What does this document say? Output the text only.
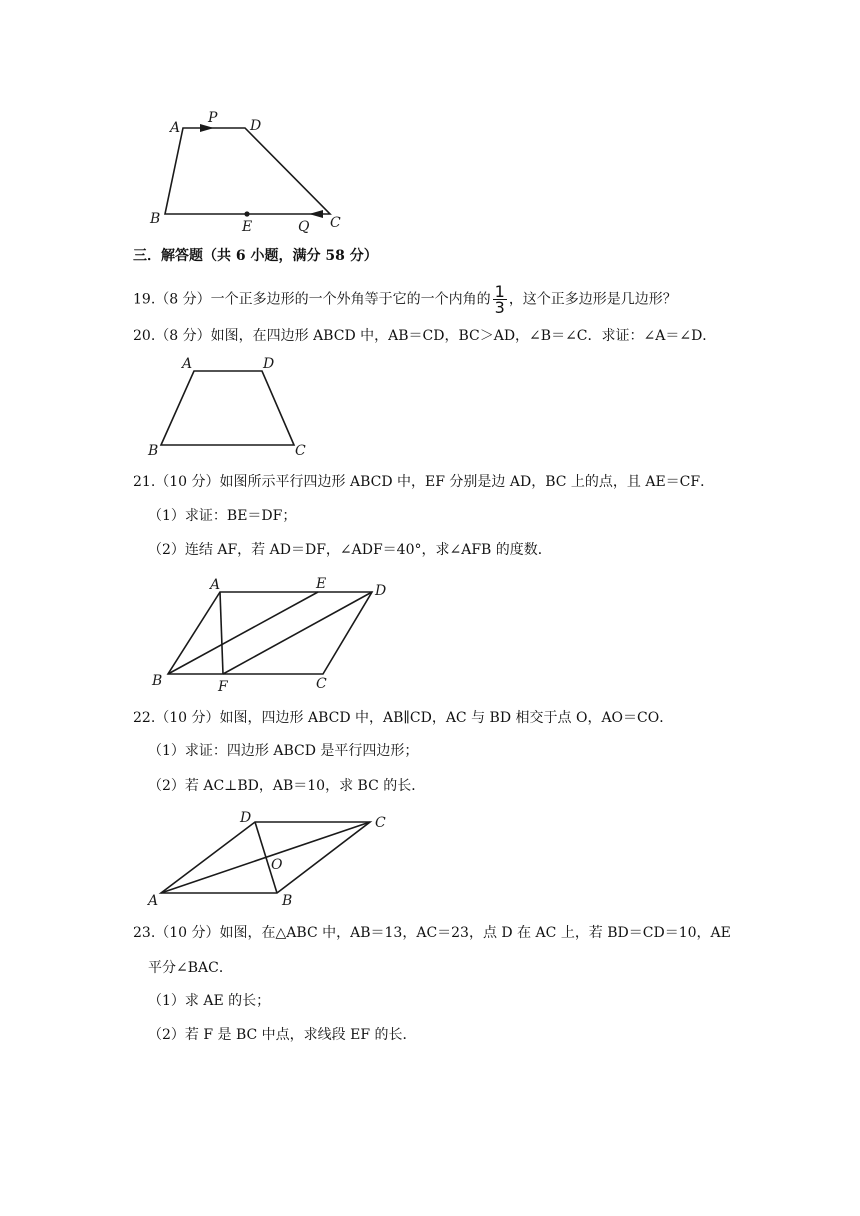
A
P D
B	E	Q C
三．解答题（共 6 小题，满分 58 分）
19.（8 分）一个正多边形的一个外角等于它的一个内角的 $\frac{1}{3}$ ，这个正多边形是几边形？
20.（8 分）如图，在四边形 ABCD 中，AB＝CD，BC＞AD，∠B＝∠C．求证：∠A＝∠D．
A	D
B	C
21.（10 分）如图所示平行四边形 ABCD 中，EF 分别是边 AD，BC 上的点，且 AE＝CF．
（1）求证：BE＝DF；
（2）连结 AF，若 AD＝DF，∠ADF＝40°，求∠AFB 的度数．
A	E	D
B	F	C
22.（10 分）如图，四边形 ABCD 中，AB∥CD，AC 与 BD 相交于点 O，AO＝CO．
（1）求证：四边形 ABCD 是平行四边形；
（2）若 AC⊥BD，AB＝10，求 BC 的长．
D	C
O
A	B
23.（10 分）如图，在△ABC 中，AB＝13，AC＝23，点 D 在 AC 上，若 BD＝CD＝10，AE
平分∠BAC．
（1）求 AE 的长；
（2）若 F 是 BC 中点，求线段 EF 的长．
